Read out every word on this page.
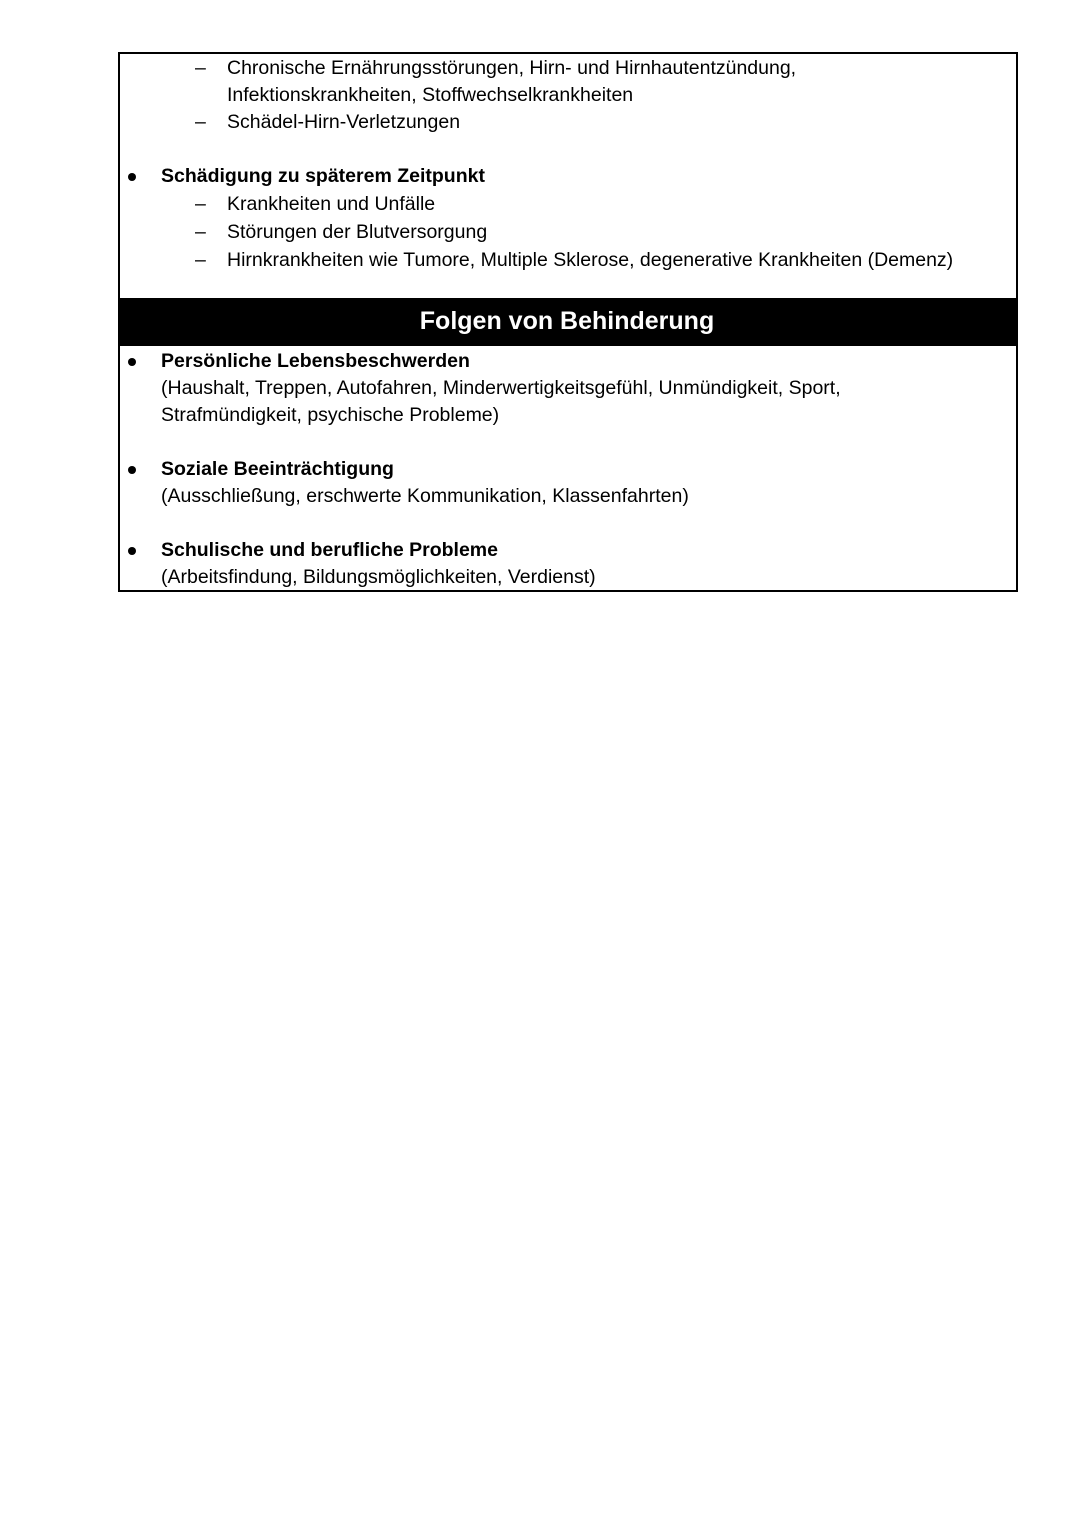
– Chronische Ernährungsstörungen, Hirn- und Hirnhautentzündung,
Infektionskrankheiten, Stoffwechselkrankheiten
– Schädel-Hirn-Verletzungen
Schädigung zu späterem Zeitpunkt
– Krankheiten und Unfälle
– Störungen der Blutversorgung
– Hirnkrankheiten wie Tumore, Multiple Sklerose, degenerative Krankheiten (Demenz)
Folgen von Behinderung
Persönliche Lebensbeschwerden
(Haushalt, Treppen, Autofahren, Minderwertigkeitsgefühl, Unmündigkeit, Sport,
Strafmündigkeit, psychische Probleme)
Soziale Beeinträchtigung
(Ausschließung, erschwerte Kommunikation, Klassenfahrten)
Schulische und berufliche Probleme
(Arbeitsfindung, Bildungsmöglichkeiten, Verdienst)
